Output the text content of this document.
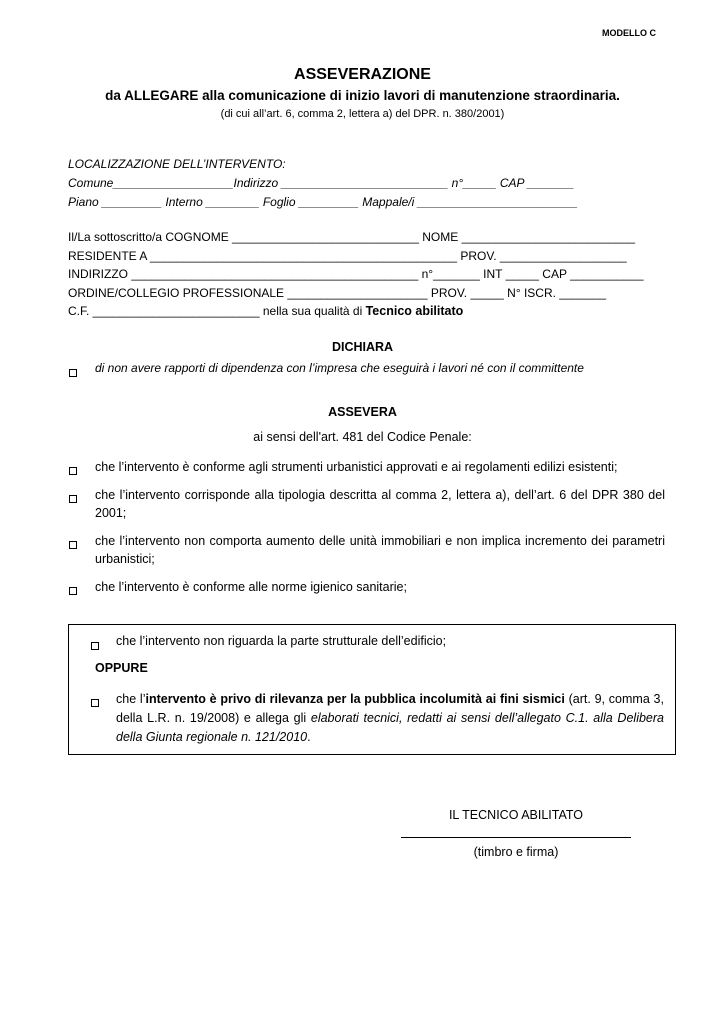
MODELLO C
ASSEVERAZIONE
da ALLEGARE alla comunicazione di inizio lavori di manutenzione straordinaria.
(di cui all’art. 6, comma 2, lettera a) del DPR. n. 380/2001)
LOCALIZZAZIONE DELL’INTERVENTO:
Comune__________________Indirizzo _________________________ n°_____ CAP _______
Piano _________ Interno ________ Foglio _________ Mappale/i ________________________
Il/La sottoscritto/a COGNOME ____________________________ NOME __________________________
RESIDENTE A ______________________________________________ PROV. ___________________
INDIRIZZO ___________________________________________ n°_______ INT _____ CAP ___________
ORDINE/COLLEGIO PROFESSIONALE _____________________ PROV. _____ N° ISCR. _______
C.F. _________________________ nella sua qualità di Tecnico abilitato
DICHIARA
di non avere rapporti di dipendenza con l’impresa che eseguirà i lavori né con il committente
ASSEVERA
ai sensi dell'art. 481 del Codice Penale:
che l’intervento è conforme agli strumenti urbanistici approvati e ai regolamenti edilizi esistenti;
che l’intervento corrisponde alla tipologia descritta al comma 2, lettera a), dell’art. 6 del DPR 380 del 2001;
che l’intervento non comporta aumento delle unità immobiliari e non implica incremento dei parametri urbanistici;
che l’intervento è conforme alle norme igienico sanitarie;
che l’intervento non riguarda la parte strutturale dell’edificio;
OPPURE
che l’intervento è privo di rilevanza per la pubblica incolumità ai fini sismici (art. 9, comma 3, della L.R. n. 19/2008) e allega gli elaborati tecnici, redatti ai sensi dell’allegato C.1. alla Delibera della Giunta regionale n. 121/2010.
IL TECNICO ABILITATO
(timbro e firma)
